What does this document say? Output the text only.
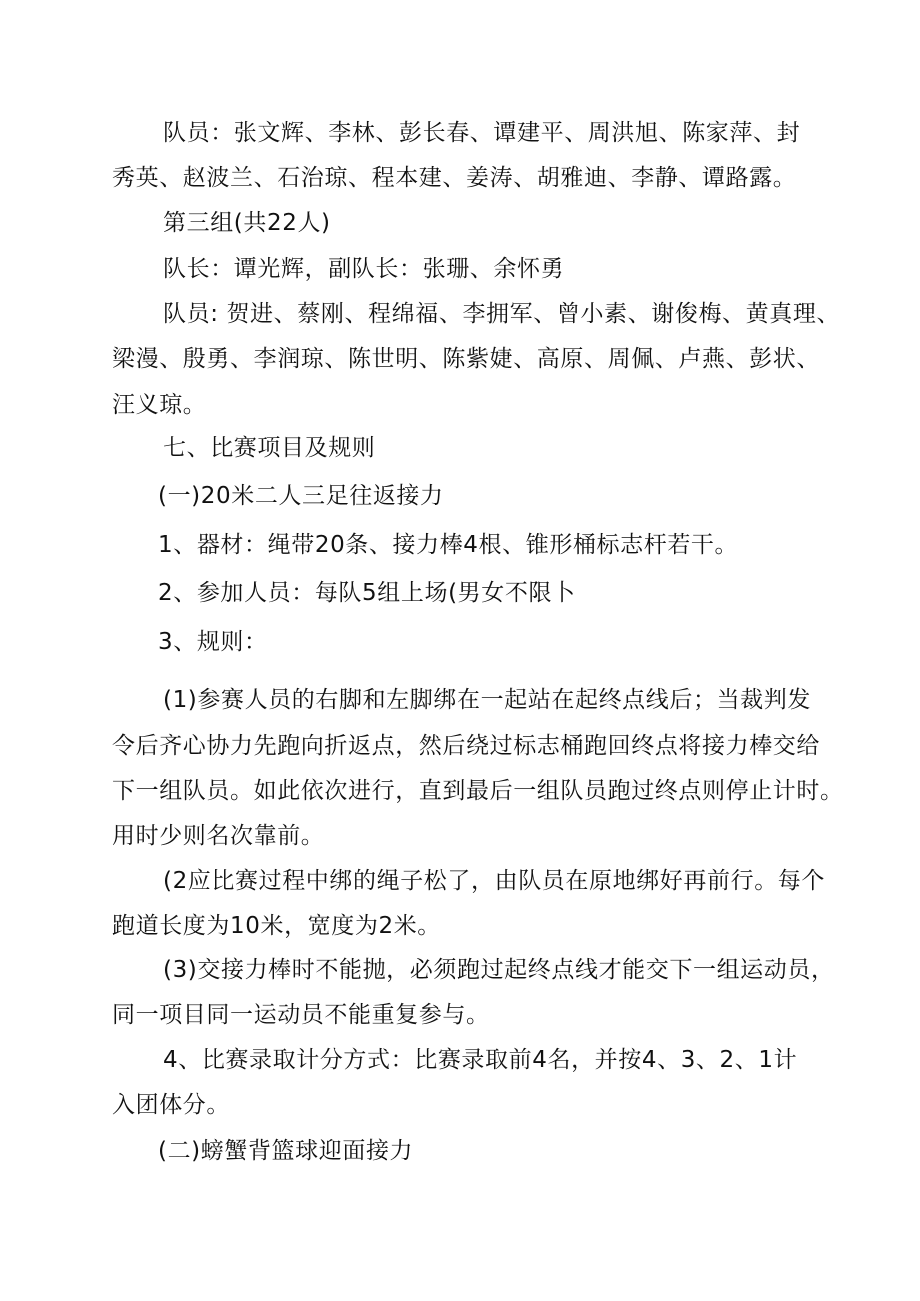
队员：张文辉、李林、彭长春、谭建平、周洪旭、陈家萍、封
秀英、赵波兰、石治琼、程本建、姜涛、胡雅迪、李静、谭路露。
第三组(共22人)
队长：谭光辉，副队长：张珊、余怀勇
队员: 贺进、蔡刚、程绵福、李拥军、曾小素、谢俊梅、黄真理、
梁漫、殷勇、李润琼、陈世明、陈紫婕、高原、周佩、卢燕、彭状、
汪义琼。
七、比赛项目及规则
(一)20米二人三足往返接力
1、器材：绳带20条、接力棒4根、锥形桶标志杆若干。
2、参加人员：每队5组上场(男女不限卜
3、规则：
(1)参赛人员的右脚和左脚绑在一起站在起终点线后；当裁判发
令后齐心协力先跑向折返点，然后绕过标志桶跑回终点将接力棒交给
下一组队员。如此依次进行，直到最后一组队员跑过终点则停止计时。
用时少则名次靠前。
(2应比赛过程中绑的绳子松了，由队员在原地绑好再前行。每个
跑道长度为10米，宽度为2米。
(3)交接力棒时不能抛，必须跑过起终点线才能交下一组运动员，
同一项目同一运动员不能重复参与。
4、比赛录取计分方式：比赛录取前4名，并按4、3、2、1计
入团体分。
(二)螃蟹背篮球迎面接力
